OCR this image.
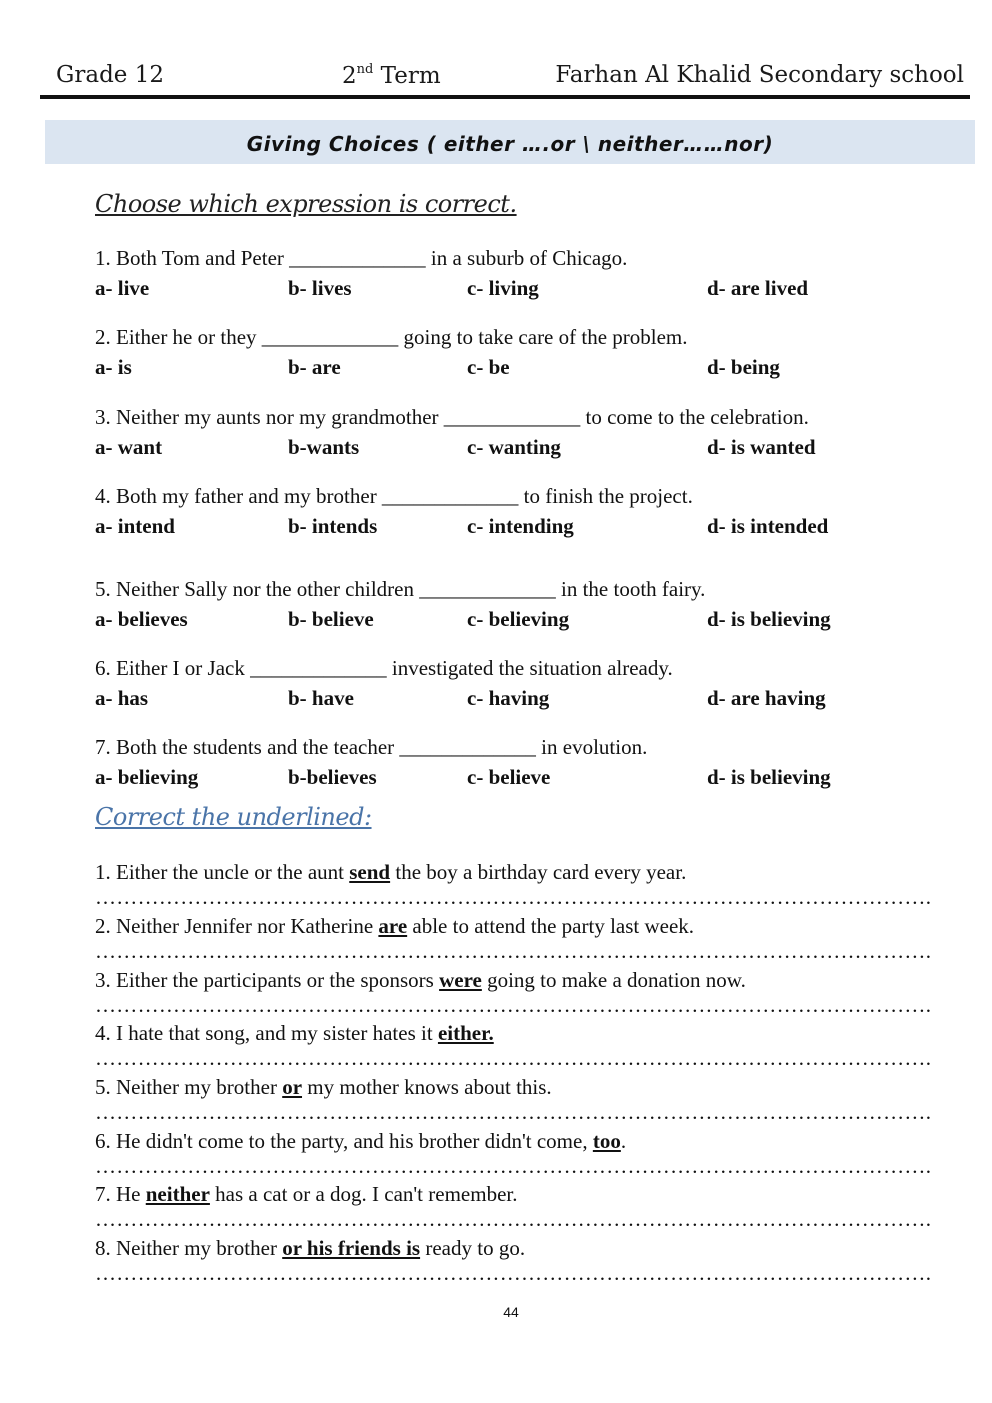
Grade 12	2nd Term	Farhan Al Khalid Secondary school
Giving Choices ( either ….or \ neither……nor)
Choose which expression is correct.
1. Both Tom and Peter _____________ in a suburb of Chicago.
a- live	b- lives	c- living	d- are lived
2. Either he or they _____________ going to take care of the problem.
a- is	b- are	c- be	d- being
3. Neither my aunts nor my grandmother _____________ to come to the celebration.
a- want	b-wants	c- wanting	d- is wanted
4. Both my father and my brother _____________ to finish the project.
a- intend	b- intends	c- intending	d- is intended
5. Neither Sally nor the other children _____________ in the tooth fairy.
a- believes	b- believe	c- believing	d- is believing
6. Either I or Jack _____________ investigated the situation already.
a- has	b- have	c- having	d- are having
7. Both the students and the teacher _____________ in evolution.
a- believing	b-believes	c- believe	d- is believing
Correct the underlined:
1. Either the uncle or the aunt send the boy a birthday card every year.
……………………………………………………………………………………………………….
2. Neither Jennifer nor Katherine are able to attend the party last week.
……………………………………………………………………………………………………….
3. Either the participants or the sponsors were going to make a donation now.
……………………………………………………………………………………………………….
4. I hate that song, and my sister hates it either.
……………………………………………………………………………………………………….
5. Neither my brother or my mother knows about this.
……………………………………………………………………………………………………….
6. He didn't come to the party, and his brother didn't come, too.
……………………………………………………………………………………………………….
7. He neither has a cat or a dog. I can't remember.
……………………………………………………………………………………………………….
8. Neither my brother or his friends is ready to go.
……………………………………………………………………………………………………….
44
